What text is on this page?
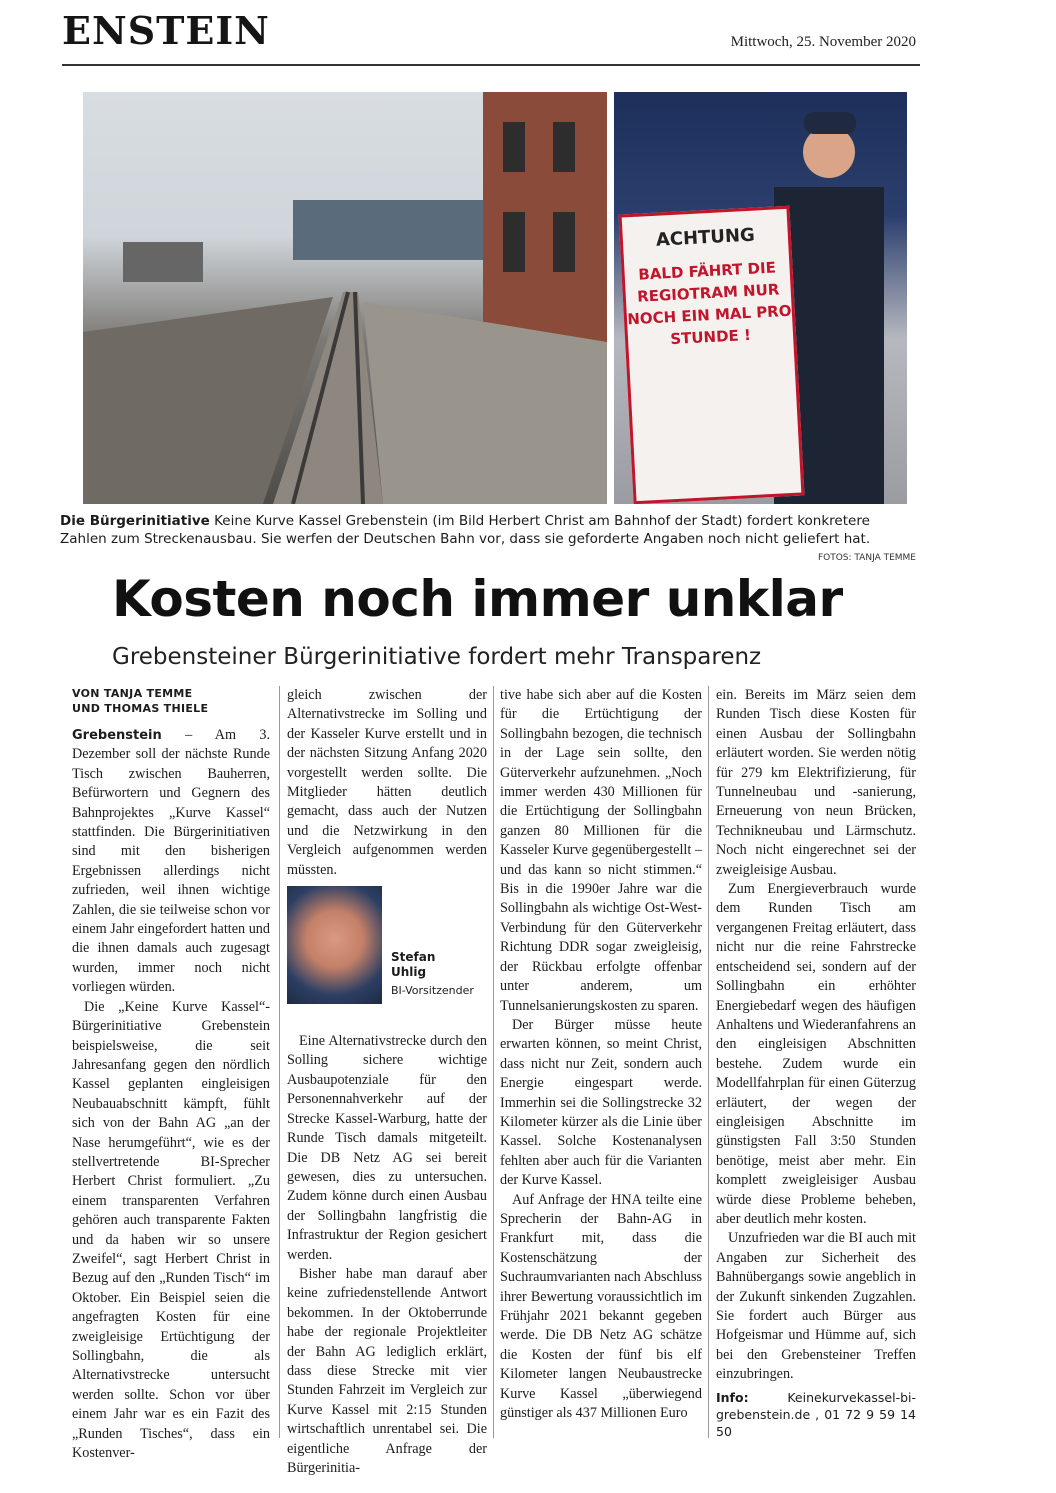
ENSTEIN	Mittwoch, 25. November 2020
ACHTUNG
BALD FÄHRT DIE
REGIOTRAM NUR
NOCH EIN MAL PRO
STUNDE !
Die Bürgerinitiative Keine Kurve Kassel Grebenstein (im Bild Herbert Christ am Bahnhof der Stadt) fordert konkretere Zahlen zum Streckenausbau. Sie werfen der Deutschen Bahn vor, dass sie geforderte Angaben noch nicht geliefert hat.
FOTOS: TANJA TEMME
Kosten noch immer unklar
Grebensteiner Bürgerinitiative fordert mehr Transparenz
VON TANJA TEMME
UND THOMAS THIELE

Grebenstein – Am 3. Dezember soll der nächste Runde Tisch zwischen Bauherren, Befürwortern und Gegnern des Bahnprojektes „Kurve Kassel“ stattfinden. Die Bürgerinitiativen sind mit den bisherigen Ergebnissen allerdings nicht zufrieden, weil ihnen wichtige Zahlen, die sie teilweise schon vor einem Jahr eingefordert hatten und die ihnen damals auch zugesagt wurden, immer noch nicht vorliegen würden.

Die „Keine Kurve Kassel“-Bürgerinitiative Grebenstein beispielsweise, die seit Jahresanfang gegen den nördlich Kassel geplanten eingleisigen Neubauabschnitt kämpft, fühlt sich von der Bahn AG „an der Nase herumgeführt“, wie es der stellvertretende BI-Sprecher Herbert Christ formuliert. „Zu einem transparenten Verfahren gehören auch transparente Fakten und da haben wir so unsere Zweifel“, sagt Herbert Christ in Bezug auf den „Runden Tisch“ im Oktober. Ein Beispiel seien die angefragten Kosten für eine zweigleisige Ertüchtigung der Sollingbahn, die als Alternativstrecke untersucht werden sollte. Schon vor über einem Jahr war es ein Fazit des „Runden Tisches“, dass ein Kostenver-

gleich zwischen der Alternativstrecke im Solling und der Kasseler Kurve erstellt und in der nächsten Sitzung Anfang 2020 vorgestellt werden sollte. Die Mitglieder hätten deutlich gemacht, dass auch der Nutzen und die Netzwirkung in den Vergleich aufgenommen werden müssten.

Stefan
Uhlig
BI-Vorsitzender

Eine Alternativstrecke durch den Solling sichere wichtige Ausbaupotenziale für den Personennahverkehr auf der Strecke Kassel-Warburg, hatte der Runde Tisch damals mitgeteilt. Die DB Netz AG sei bereit gewesen, dies zu untersuchen. Zudem könne durch einen Ausbau der Sollingbahn langfristig die Infrastruktur der Region gesichert werden.

Bisher habe man darauf aber keine zufriedenstellende Antwort bekommen. In der Oktoberrunde habe der regionale Projektleiter der Bahn AG lediglich erklärt, dass diese Strecke mit vier Stunden Fahrzeit im Vergleich zur Kurve Kassel mit 2:15 Stunden wirtschaftlich unrentabel sei. Die eigentliche Anfrage der Bürgerinitia-

tive habe sich aber auf die Kosten für die Ertüchtigung der Sollingbahn bezogen, die technisch in der Lage sein sollte, den Güterverkehr aufzunehmen. „Noch immer werden 430 Millionen für die Ertüchtigung der Sollingbahn ganzen 80 Millionen für die Kasseler Kurve gegenübergestellt – und das kann so nicht stimmen.“ Bis in die 1990er Jahre war die Sollingbahn als wichtige Ost-West-Verbindung für den Güterverkehr Richtung DDR sogar zweigleisig, der Rückbau erfolgte offenbar unter anderem, um Tunnelsanierungskosten zu sparen.

Der Bürger müsse heute erwarten können, so meint Christ, dass nicht nur Zeit, sondern auch Energie eingespart werde. Immerhin sei die Sollingstrecke 32 Kilometer kürzer als die Linie über Kassel. Solche Kostenanalysen fehlten aber auch für die Varianten der Kurve Kassel.

Auf Anfrage der HNA teilte eine Sprecherin der Bahn-AG in Frankfurt mit, dass die Kostenschätzung der Suchraumvarianten nach Abschluss ihrer Bewertung voraussichtlich im Frühjahr 2021 bekannt gegeben werde. Die DB Netz AG schätze die Kosten der fünf bis elf Kilometer langen Neubaustrecke Kurve Kassel „überwiegend günstiger als 437 Millionen Euro

ein. Bereits im März seien dem Runden Tisch diese Kosten für einen Ausbau der Sollingbahn erläutert worden. Sie werden nötig für 279 km Elektrifizierung, für Tunnelneubau und -sanierung, Erneuerung von neun Brücken, Technikneubau und Lärmschutz. Noch nicht eingerechnet sei der zweigleisige Ausbau.

Zum Energieverbrauch wurde dem Runden Tisch am vergangenen Freitag erläutert, dass nicht nur die reine Fahrstrecke entscheidend sei, sondern auf der Sollingbahn ein erhöhter Energiebedarf wegen des häufigen Anhaltens und Wiederanfahrens an den eingleisigen Abschnitten bestehe. Zudem wurde ein Modellfahrplan für einen Güterzug erläutert, der wegen der eingleisigen Abschnitte im günstigsten Fall 3:50 Stunden benötige, meist aber mehr. Ein komplett zweigleisiger Ausbau würde diese Probleme beheben, aber deutlich mehr kosten.

Unzufrieden war die BI auch mit Angaben zur Sicherheit des Bahnübergangs sowie angeblich in der Zukunft sinkenden Zugzahlen. Sie fordert auch Bürger aus Hofgeismar und Hümme auf, sich bei den Grebensteiner Treffen einzubringen.

Info: Keinekurvekassel-bi-grebenstein.de , 01 72 9 59 14 50
